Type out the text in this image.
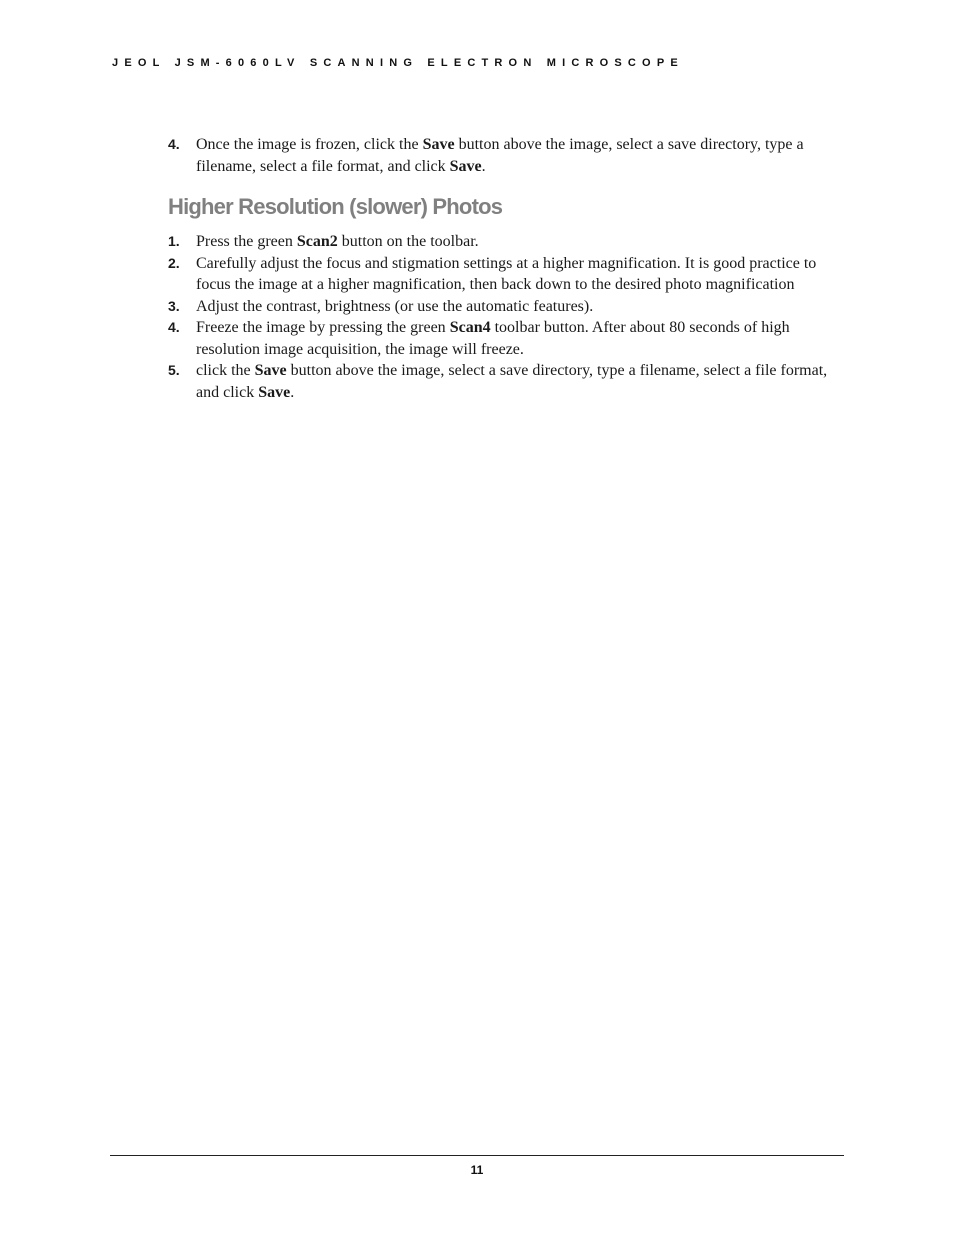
JEOL JSM-6060LV SCANNING ELECTRON MICROSCOPE
4. Once the image is frozen, click the Save button above the image, select a save directory, type a filename, select a file format, and click Save.
Higher Resolution (slower) Photos
1. Press the green Scan2 button on the toolbar.
2. Carefully adjust the focus and stigmation settings at a higher magnification. It is good practice to focus the image at a higher magnification, then back down to the desired photo magnification
3. Adjust the contrast, brightness (or use the automatic features).
4. Freeze the image by pressing the green Scan4 toolbar button. After about 80 seconds of high resolution image acquisition, the image will freeze.
5. click the Save button above the image, select a save directory, type a filename, select a file format, and click Save.
11
